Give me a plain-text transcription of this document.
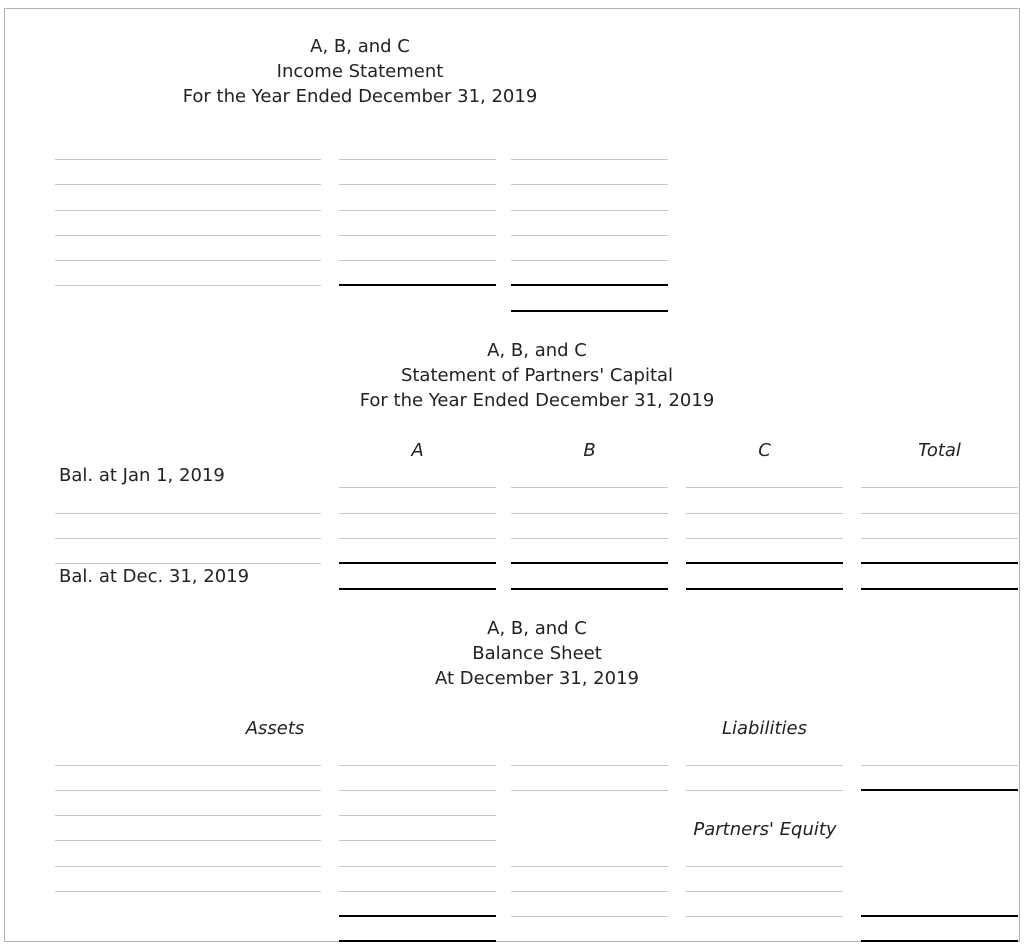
A, B, and C
Income Statement
For the Year Ended December 31, 2019
A, B, and C
Statement of Partners' Capital
For the Year Ended December 31, 2019
A	B	C	Total
Bal. at Jan 1, 2019
Bal. at Dec. 31, 2019
A, B, and C
Balance Sheet
At December 31, 2019
Assets	Liabilities
Partners' Equity
